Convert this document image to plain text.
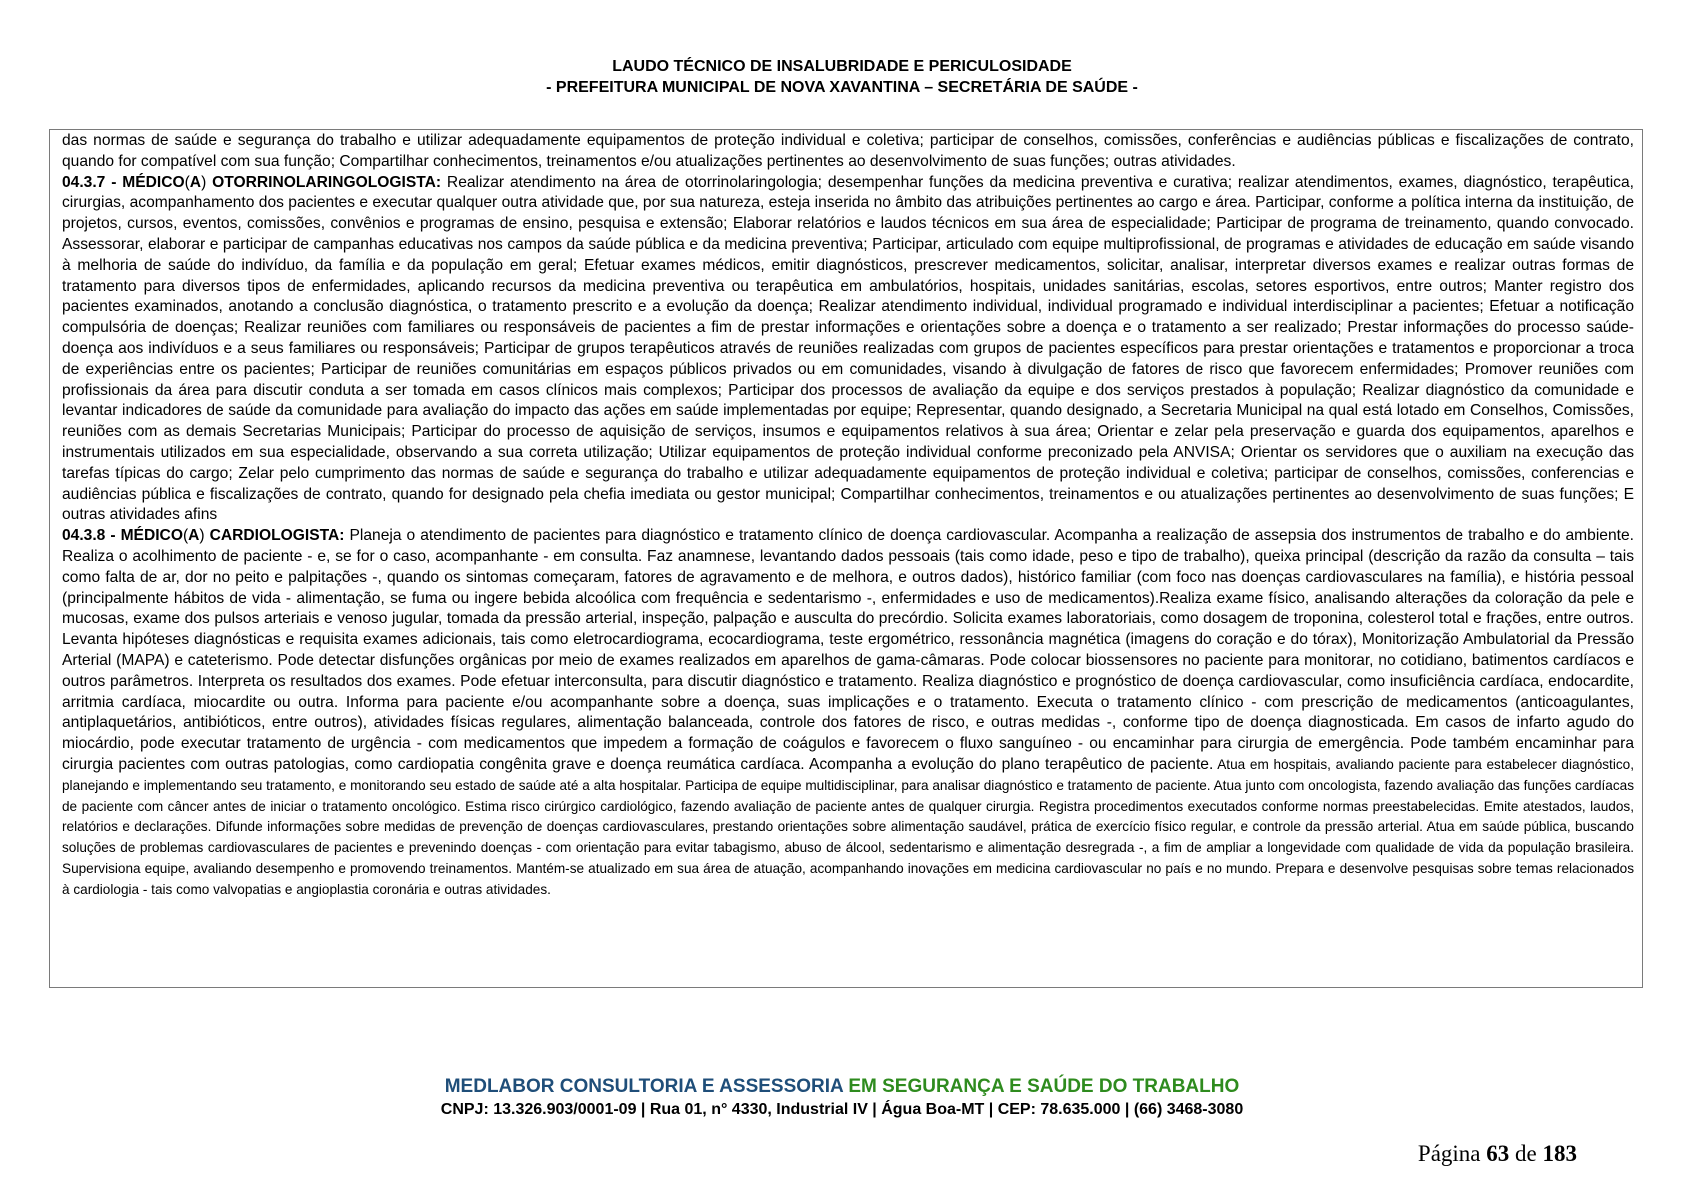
LAUDO TÉCNICO DE INSALUBRIDADE E PERICULOSIDADE
- PREFEITURA MUNICIPAL DE NOVA XAVANTINA – SECRETÁRIA DE SAÚDE -

das normas de saúde e segurança do trabalho e utilizar adequadamente equipamentos de proteção individual e coletiva; participar de conselhos, comissões, conferências e audiências públicas e fiscalizações de contrato, quando for compatível com sua função; Compartilhar conhecimentos, treinamentos e/ou atualizações pertinentes ao desenvolvimento de suas funções; outras atividades.

04.3.7 - MÉDICO(A) OTORRINOLARINGOLOGISTA: Realizar atendimento na área de otorrinolaringologia; desempenhar funções da medicina preventiva e curativa; realizar atendimentos, exames, diagnóstico, terapêutica, cirurgias, acompanhamento dos pacientes e executar qualquer outra atividade que, por sua natureza, esteja inserida no âmbito das atribuições pertinentes ao cargo e área. Participar, conforme a política interna da instituição, de projetos, cursos, eventos, comissões, convênios e programas de ensino, pesquisa e extensão; Elaborar relatórios e laudos técnicos em sua área de especialidade; Participar de programa de treinamento, quando convocado. Assessorar, elaborar e participar de campanhas educativas nos campos da saúde pública e da medicina preventiva; Participar, articulado com equipe multiprofissional, de programas e atividades de educação em saúde visando à melhoria de saúde do indivíduo, da família e da população em geral; Efetuar exames médicos, emitir diagnósticos, prescrever medicamentos, solicitar, analisar, interpretar diversos exames e realizar outras formas de tratamento para diversos tipos de enfermidades, aplicando recursos da medicina preventiva ou terapêutica em ambulatórios, hospitais, unidades sanitárias, escolas, setores esportivos, entre outros; Manter registro dos pacientes examinados, anotando a conclusão diagnóstica, o tratamento prescrito e a evolução da doença; Realizar atendimento individual, individual programado e individual interdisciplinar a pacientes; Efetuar a notificação compulsória de doenças; Realizar reuniões com familiares ou responsáveis de pacientes a fim de prestar informações e orientações sobre a doença e o tratamento a ser realizado; Prestar informações do processo saúde-doença aos indivíduos e a seus familiares ou responsáveis; Participar de grupos terapêuticos através de reuniões realizadas com grupos de pacientes específicos para prestar orientações e tratamentos e proporcionar a troca de experiências entre os pacientes; Participar de reuniões comunitárias em espaços públicos privados ou em comunidades, visando à divulgação de fatores de risco que favorecem enfermidades; Promover reuniões com profissionais da área para discutir conduta a ser tomada em casos clínicos mais complexos; Participar dos processos de avaliação da equipe e dos serviços prestados à população; Realizar diagnóstico da comunidade e levantar indicadores de saúde da comunidade para avaliação do impacto das ações em saúde implementadas por equipe; Representar, quando designado, a Secretaria Municipal na qual está lotado em Conselhos, Comissões, reuniões com as demais Secretarias Municipais; Participar do processo de aquisição de serviços, insumos e equipamentos relativos à sua área; Orientar e zelar pela preservação e guarda dos equipamentos, aparelhos e instrumentais utilizados em sua especialidade, observando a sua correta utilização; Utilizar equipamentos de proteção individual conforme preconizado pela ANVISA; Orientar os servidores que o auxiliam na execução das tarefas típicas do cargo; Zelar pelo cumprimento das normas de saúde e segurança do trabalho e utilizar adequadamente equipamentos de proteção individual e coletiva; participar de conselhos, comissões, conferencias e audiências pública e fiscalizações de contrato, quando for designado pela chefia imediata ou gestor municipal; Compartilhar conhecimentos, treinamentos e ou atualizações pertinentes ao desenvolvimento de suas funções; E outras atividades afins

04.3.8 - MÉDICO(A) CARDIOLOGISTA: Planeja o atendimento de pacientes para diagnóstico e tratamento clínico de doença cardiovascular. Acompanha a realização de assepsia dos instrumentos de trabalho e do ambiente. Realiza o acolhimento de paciente - e, se for o caso, acompanhante - em consulta. Faz anamnese, levantando dados pessoais (tais como idade, peso e tipo de trabalho), queixa principal (descrição da razão da consulta – tais como falta de ar, dor no peito e palpitações -, quando os sintomas começaram, fatores de agravamento e de melhora, e outros dados), histórico familiar (com foco nas doenças cardiovasculares na família), e história pessoal (principalmente hábitos de vida - alimentação, se fuma ou ingere bebida alcoólica com frequência e sedentarismo -, enfermidades e uso de medicamentos).Realiza exame físico, analisando alterações da coloração da pele e mucosas, exame dos pulsos arteriais e venoso jugular, tomada da pressão arterial, inspeção, palpação e ausculta do precórdio. Solicita exames laboratoriais, como dosagem de troponina, colesterol total e frações, entre outros. Levanta hipóteses diagnósticas e requisita exames adicionais, tais como eletrocardiograma, ecocardiograma, teste ergométrico, ressonância magnética (imagens do coração e do tórax), Monitorização Ambulatorial da Pressão Arterial (MAPA) e cateterismo. Pode detectar disfunções orgânicas por meio de exames realizados em aparelhos de gama-câmaras. Pode colocar biossensores no paciente para monitorar, no cotidiano, batimentos cardíacos e outros parâmetros. Interpreta os resultados dos exames. Pode efetuar interconsulta, para discutir diagnóstico e tratamento. Realiza diagnóstico e prognóstico de doença cardiovascular, como insuficiência cardíaca, endocardite, arritmia cardíaca, miocardite ou outra. Informa para paciente e/ou acompanhante sobre a doença, suas implicações e o tratamento. Executa o tratamento clínico - com prescrição de medicamentos (anticoagulantes, antiplaquetários, antibióticos, entre outros), atividades físicas regulares, alimentação balanceada, controle dos fatores de risco, e outras medidas -, conforme tipo de doença diagnosticada. Em casos de infarto agudo do miocárdio, pode executar tratamento de urgência - com medicamentos que impedem a formação de coágulos e favorecem o fluxo sanguíneo - ou encaminhar para cirurgia de emergência. Pode também encaminhar para cirurgia pacientes com outras patologias, como cardiopatia congênita grave e doença reumática cardíaca. Acompanha a evolução do plano terapêutico de paciente. Atua em hospitais, avaliando paciente para estabelecer diagnóstico, planejando e implementando seu tratamento, e monitorando seu estado de saúde até a alta hospitalar. Participa de equipe multidisciplinar, para analisar diagnóstico e tratamento de paciente. Atua junto com oncologista, fazendo avaliação das funções cardíacas de paciente com câncer antes de iniciar o tratamento oncológico. Estima risco cirúrgico cardiológico, fazendo avaliação de paciente antes de qualquer cirurgia. Registra procedimentos executados conforme normas preestabelecidas. Emite atestados, laudos, relatórios e declarações. Difunde informações sobre medidas de prevenção de doenças cardiovasculares, prestando orientações sobre alimentação saudável, prática de exercício físico regular, e controle da pressão arterial. Atua em saúde pública, buscando soluções de problemas cardiovasculares de pacientes e prevenindo doenças - com orientação para evitar tabagismo, abuso de álcool, sedentarismo e alimentação desregrada -, a fim de ampliar a longevidade com qualidade de vida da população brasileira. Supervisiona equipe, avaliando desempenho e promovendo treinamentos. Mantém-se atualizado em sua área de atuação, acompanhando inovações em medicina cardiovascular no país e no mundo. Prepara e desenvolve pesquisas sobre temas relacionados à cardiologia - tais como valvopatias e angioplastia coronária e outras atividades.

MEDLABOR CONSULTORIA E ASSESSORIA EM SEGURANÇA E SAÚDE DO TRABALHO
CNPJ: 13.326.903/0001-09 | Rua 01, n° 4330, Industrial IV | Água Boa-MT | CEP: 78.635.000 | (66) 3468-3080
Página 63 de 183
